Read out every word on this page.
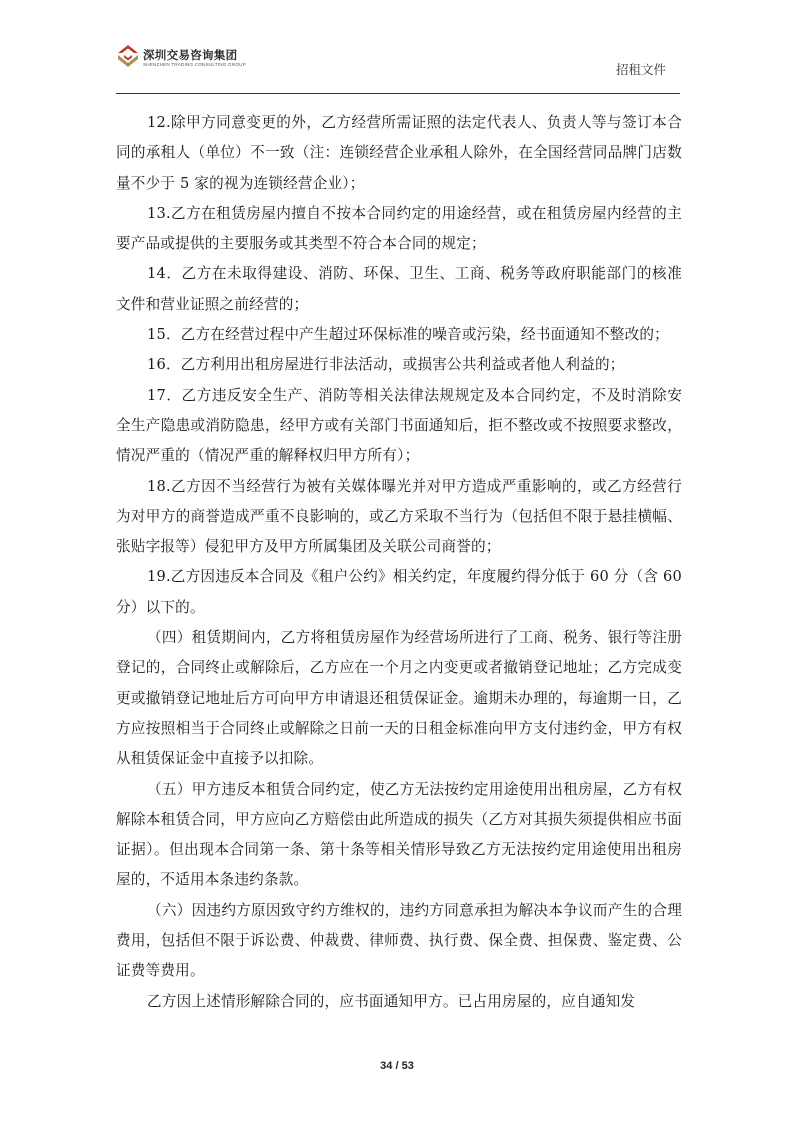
深圳交易咨询集团
SHENZHEN TRADING CONSULTING GROUP	招租文件

12.除甲方同意变更的外，乙方经营所需证照的法定代表人、负责人等与签订本合同的承租人（单位）不一致（注：连锁经营企业承租人除外，在全国经营同品牌门店数量不少于 5 家的视为连锁经营企业）；

13.乙方在租赁房屋内擅自不按本合同约定的用途经营，或在租赁房屋内经营的主要产品或提供的主要服务或其类型不符合本合同的规定；

14．乙方在未取得建设、消防、环保、卫生、工商、税务等政府职能部门的核准文件和营业证照之前经营的；

15．乙方在经营过程中产生超过环保标准的噪音或污染，经书面通知不整改的；

16．乙方利用出租房屋进行非法活动，或损害公共利益或者他人利益的；

17．乙方违反安全生产、消防等相关法律法规规定及本合同约定，不及时消除安全生产隐患或消防隐患，经甲方或有关部门书面通知后，拒不整改或不按照要求整改，情况严重的（情况严重的解释权归甲方所有）；

18.乙方因不当经营行为被有关媒体曝光并对甲方造成严重影响的，或乙方经营行为对甲方的商誉造成严重不良影响的，或乙方采取不当行为（包括但不限于悬挂横幅、张贴字报等）侵犯甲方及甲方所属集团及关联公司商誉的；

19.乙方因违反本合同及《租户公约》相关约定，年度履约得分低于 60 分（含 60 分）以下的。

（四）租赁期间内，乙方将租赁房屋作为经营场所进行了工商、税务、银行等注册登记的，合同终止或解除后，乙方应在一个月之内变更或者撤销登记地址；乙方完成变更或撤销登记地址后方可向甲方申请退还租赁保证金。逾期未办理的，每逾期一日，乙方应按照相当于合同终止或解除之日前一天的日租金标准向甲方支付违约金，甲方有权从租赁保证金中直接予以扣除。

（五）甲方违反本租赁合同约定，使乙方无法按约定用途使用出租房屋，乙方有权解除本租赁合同，甲方应向乙方赔偿由此所造成的损失（乙方对其损失须提供相应书面证据）。但出现本合同第一条、第十条等相关情形导致乙方无法按约定用途使用出租房屋的，不适用本条违约条款。

（六）因违约方原因致守约方维权的，违约方同意承担为解决本争议而产生的合理费用，包括但不限于诉讼费、仲裁费、律师费、执行费、保全费、担保费、鉴定费、公证费等费用。

乙方因上述情形解除合同的，应书面通知甲方。已占用房屋的，应自通知发

34 / 53
